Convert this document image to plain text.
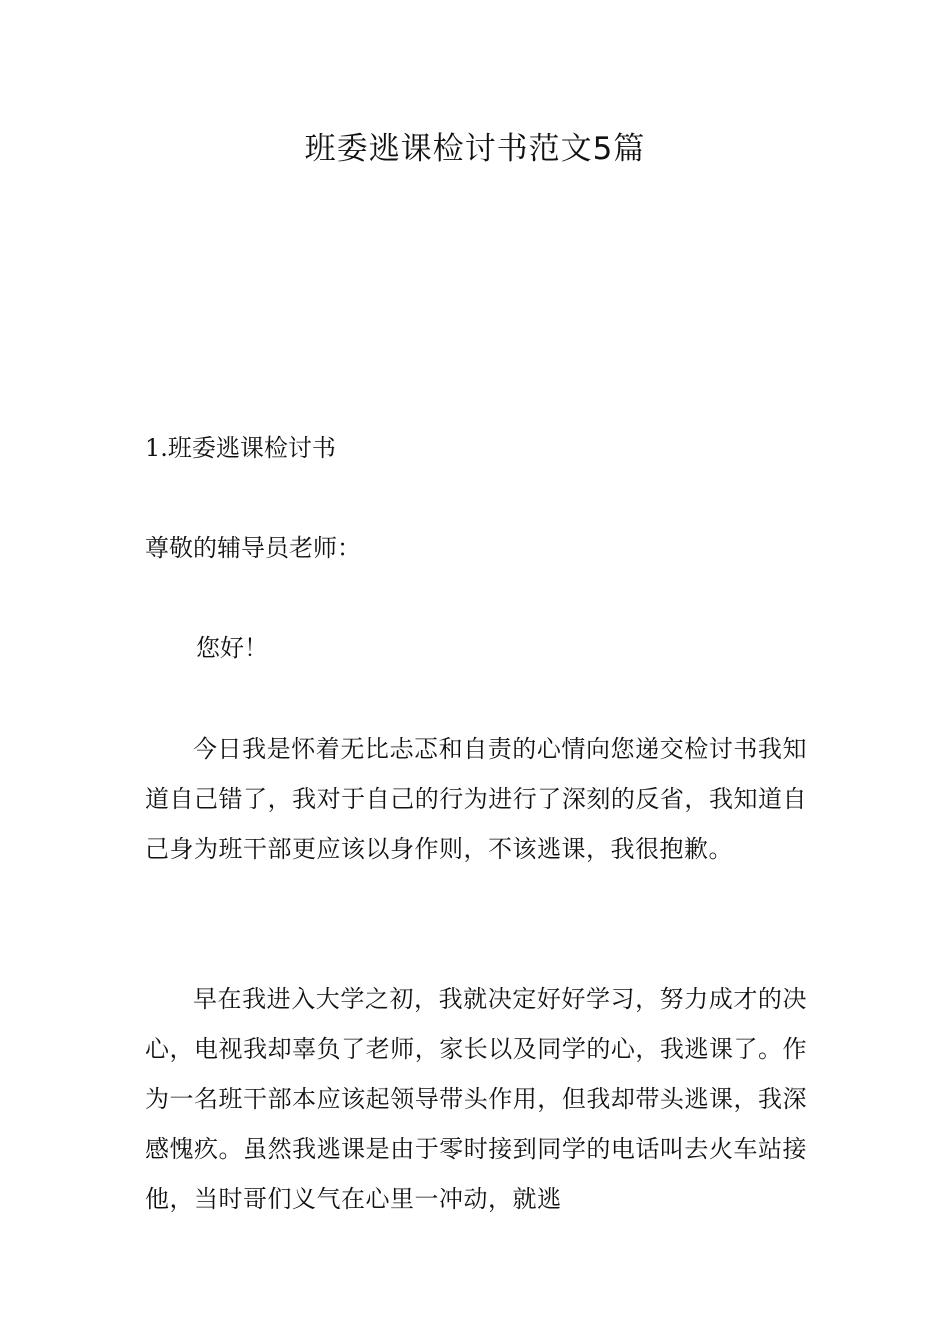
班委逃课检讨书范文5篇

1.班委逃课检讨书

尊敬的辅导员老师：

您好！

今日我是怀着无比忐忑和自责的心情向您递交检讨书我知道自己错了，我对于自己的行为进行了深刻的反省，我知道自己身为班干部更应该以身作则，不该逃课，我很抱歉。

早在我进入大学之初，我就决定好好学习，努力成才的决心，电视我却辜负了老师，家长以及同学的心，我逃课了。作为一名班干部本应该起领导带头作用，但我却带头逃课，我深感愧疚。虽然我逃课是由于零时接到同学的电话叫去火车站接他，当时哥们义气在心里一冲动，就逃
